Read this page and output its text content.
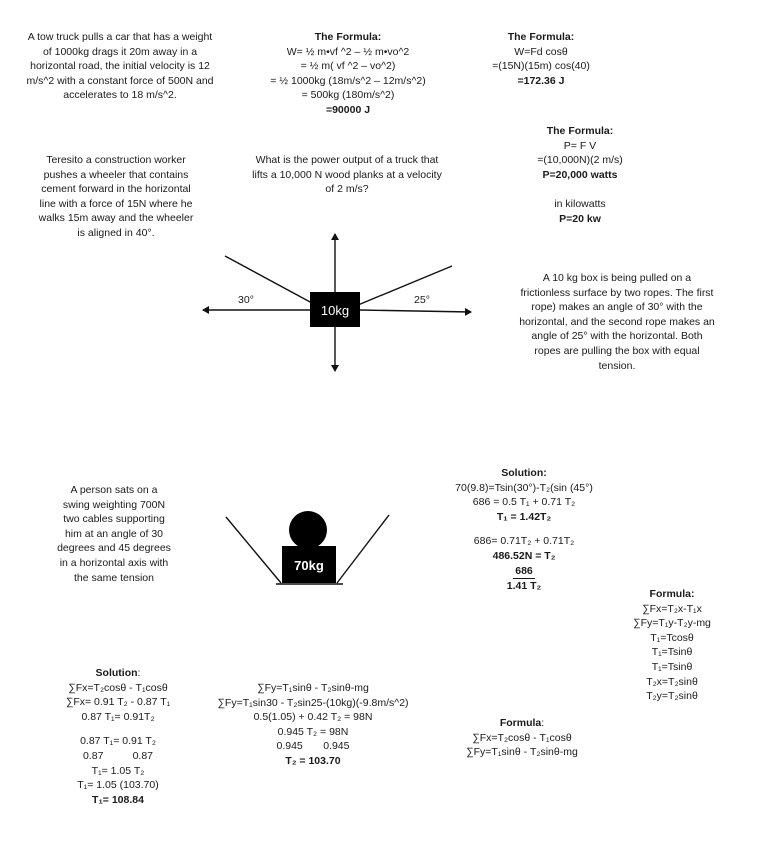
A tow truck pulls a car that has a weight of 1000kg drags it 20m away in a horizontal road, the initial velocity is 12 m/s^2 with a constant force of 500N and accelerates to 18 m/s^2.
The Formula:
W= ½ m•vf ^2 – ½ m•vo^2
= ½ m( vf ^2 – vo^2)
= ½ 1000kg (18m/s^2 – 12m/s^2)
= 500kg (180m/s^2)
=90000 J
The Formula:
W=Fd cosθ
=(15N)(15m) cos(40)
=172.36 J
The Formula:
P= F V
=(10,000N)(2 m/s)
P=20,000 watts
in kilowatts
P=20 kw
Teresito a construction worker pushes a wheeler that contains cement forward in the horizontal line with a force of 15N where he walks 15m away and the wheeler is aligned in 40°.
What is the power output of a truck that lifts a 10,000 N wood planks at a velocity of 2 m/s?
A 10 kg box is being pulled on a frictionless surface by two ropes. The first rope) makes an angle of 30° with the horizontal, and the second rope makes an angle of 25° with the horizontal. Both ropes are pulling the box with equal tension.
A person sats on a swing weighting 700N two cables supporting him at an angle of 30 degrees and 45 degrees in a horizontal axis with the same tension
Solution:
70(9.8)=Tsin(30°)-T₂(sin (45°)
686 = 0.5 T₁ + 0.71 T₂
T₁ = 1.42T₂
686= 0.71T₂ + 0.71T₂
486.52N = T₂
686
1.41 T₂
Formula:
∑Fx=T₂x-T₁x
∑Fy=T₁y-T₂y-mg
T₁=Tcosθ
T₁=Tsinθ
T₁=Tsinθ
T₂x=T₂sinθ
T₂y=T₂sinθ
Solution:
∑Fx=T₂cosθ - T₁cosθ
∑Fx= 0.91 T₂ - 0.87 T₁
0.87 T₁= 0.91T₂
0.87 T₁= 0.91 T₂
0.87          0.87
T₁= 1.05 T₂
T₁= 1.05 (103.70)
T₁= 108.84
∑Fy=T₁sinθ - T₂sinθ-mg
∑Fy=T₁sin30 - T₂sin25-(10kg)(-9.8m/s^2)
0.5(1.05) + 0.42 T₂ = 98N
0.945 T₂ = 98N
0.945       0.945
T₂ = 103.70
Formula:
∑Fx=T₂cosθ - T₁cosθ
∑Fy=T₁sinθ - T₂sinθ-mg
10kg
30°	25°
70kg
